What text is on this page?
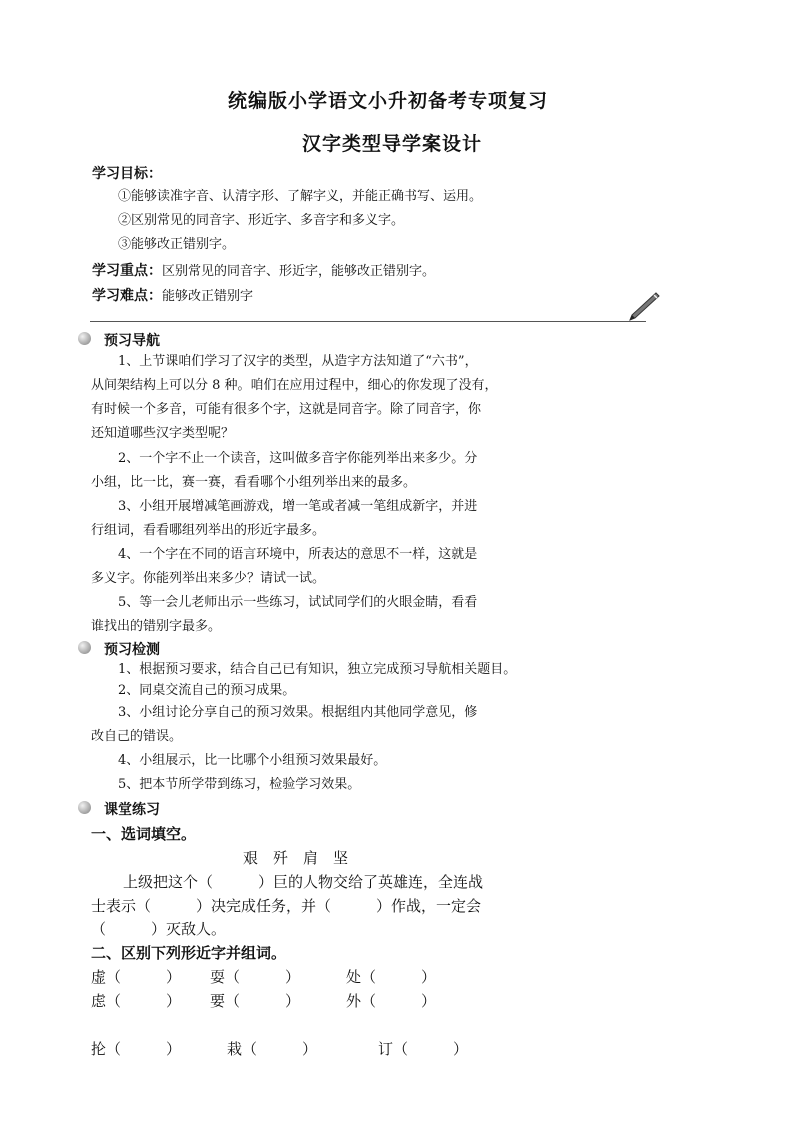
统编版小学语文小升初备考专项复习
汉字类型导学案设计
学习目标：
①能够读准字音、认清字形、了解字义，并能正确书写、运用。
②区别常见的同音字、形近字、多音字和多义字。
③能够改正错别字。
学习重点：区别常见的同音字、形近字，能够改正错别字。
学习难点：能够改正错别字
预习导航
1、上节课咱们学习了汉字的类型，从造字方法知道了“六书”，
从间架结构上可以分 8 种。咱们在应用过程中，细心的你发现了没有，
有时候一个多音，可能有很多个字，这就是同音字。除了同音字，你
还知道哪些汉字类型呢？
2、一个字不止一个读音，这叫做多音字你能列举出来多少。分
小组，比一比，赛一赛，看看哪个小组列举出来的最多。
3、小组开展增减笔画游戏，增一笔或者减一笔组成新字，并进
行组词，看看哪组列举出的形近字最多。
4、一个字在不同的语言环境中，所表达的意思不一样，这就是
多义字。你能列举出来多少？请试一试。
5、等一会儿老师出示一些练习，试试同学们的火眼金睛，看看
谁找出的错别字最多。
预习检测
1、根据预习要求，结合自己已有知识，独立完成预习导航相关题目。
2、同桌交流自己的预习成果。
3、小组讨论分享自己的预习效果。根据组内其他同学意见，修
改自己的错误。
4、小组展示，比一比哪个小组预习效果最好。
5、把本节所学带到练习，检验学习效果。
课堂练习
一、选词填空。
艰　歼　肩　坚
上级把这个（　　　）巨的人物交给了英雄连，全连战
士表示（　　　）决完成任务，并（　　　）作战，一定会
（　　　）灭敌人。
二、区别下列形近字并组词。
虚（　　　） 耍（　　　）	处（　　　）
虑（　　　） 要（　　　）	外（　　　）
抡（　　　）	栽（　　　）	订（　　　）
